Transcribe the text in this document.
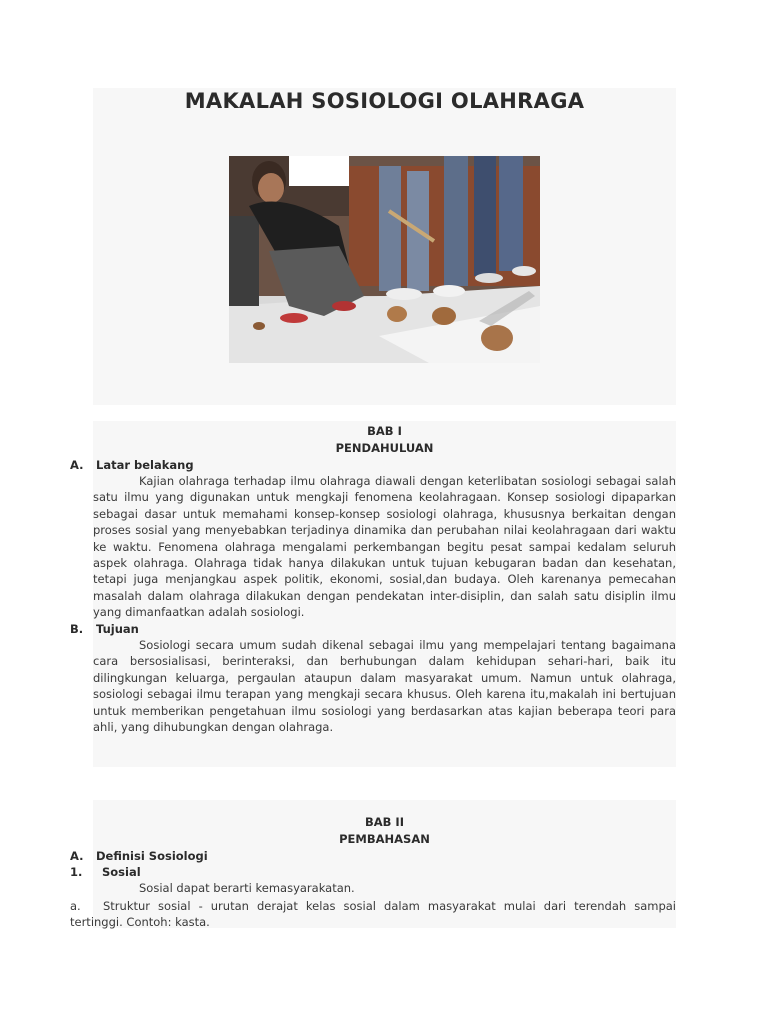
MAKALAH SOSIOLOGI OLAHRAGA
BAB I
PENDAHULUAN
A. Latar belakang

Kajian olahraga terhadap ilmu olahraga diawali dengan keterlibatan sosiologi sebagai salah satu ilmu yang digunakan untuk mengkaji fenomena keolahragaan. Konsep sosiologi dipaparkan sebagai dasar untuk memahami konsep-konsep sosiologi olahraga, khususnya berkaitan dengan proses sosial yang menyebabkan terjadinya dinamika dan perubahan nilai keolahragaan dari waktu ke waktu. Fenomena olahraga mengalami perkembangan begitu pesat sampai kedalam seluruh aspek olahraga. Olahraga tidak hanya dilakukan untuk tujuan kebugaran badan dan kesehatan, tetapi juga menjangkau aspek politik, ekonomi, sosial,dan budaya. Oleh karenanya pemecahan masalah dalam olahraga dilakukan dengan pendekatan inter-disiplin, dan salah satu disiplin ilmu yang dimanfaatkan adalah sosiologi.

B. Tujuan

Sosiologi secara umum sudah dikenal sebagai ilmu yang mempelajari tentang bagaimana cara bersosialisasi, berinteraksi, dan berhubungan dalam kehidupan sehari-hari, baik itu dilingkungan keluarga, pergaulan ataupun dalam masyarakat umum. Namun untuk olahraga, sosiologi sebagai ilmu terapan yang mengkaji secara khusus. Oleh karena itu,makalah ini bertujuan untuk memberikan pengetahuan ilmu sosiologi yang berdasarkan atas kajian beberapa teori para ahli, yang dihubungkan dengan olahraga.

BAB II
PEMBAHASAN
A. Definisi Sosiologi
1. Sosial

Sosial dapat berarti kemasyarakatan.

a. Struktur sosial - urutan derajat kelas sosial dalam masyarakat mulai dari terendah sampai tertinggi. Contoh: kasta.
